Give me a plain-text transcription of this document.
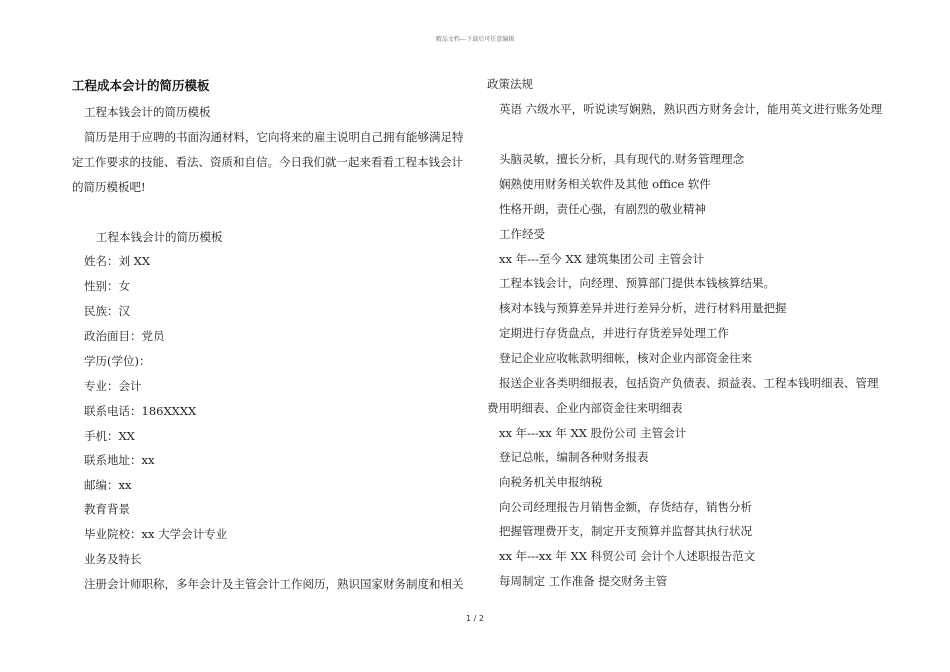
精品文档---下载后可任意编辑
工程成本会计的简历模板
工程本钱会计的简历模板
简历是用于应聘的书面沟通材料，它向将来的雇主说明自己拥有能够满足特
定工作要求的技能、看法、资质和自信。今日我们就一起来看看工程本钱会计
的简历模板吧!
工程本钱会计的简历模板
姓名：刘 XX
性别：女
民族：汉
政治面目：党员
学历(学位)：
专业：会计
联系电话：186XXXX
手机：XX
联系地址：xx
邮编：xx
教育背景
毕业院校：xx 大学会计专业
业务及特长
注册会计师职称，多年会计及主管会计工作阅历，熟识国家财务制度和相关
政策法规
英语 六级水平，听说读写娴熟，熟识西方财务会计，能用英文进行账务处理
头脑灵敏，擅长分析，具有现代的.财务管理理念
娴熟使用财务相关软件及其他 office 软件
性格开朗，责任心强，有剧烈的敬业精神
工作经受
xx 年---至今 XX 建筑集团公司 主管会计
工程本钱会计，向经理、预算部门提供本钱核算结果。
核对本钱与预算差异并进行差异分析，进行材料用量把握
定期进行存货盘点，并进行存货差异处理工作
登记企业应收帐款明细帐，核对企业内部资金往来
报送企业各类明细报表，包括资产负债表、损益表、工程本钱明细表、管理
费用明细表、企业内部资金往来明细表
xx 年---xx 年 XX 股份公司 主管会计
登记总帐，编制各种财务报表
向税务机关申报纳税
向公司经理报告月销售金额，存货结存，销售分析
把握管理费开支，制定开支预算并监督其执行状况
xx 年---xx 年 XX 科贸公司 会计个人述职报告范文
每周制定 工作准备 提交财务主管
1 / 2
